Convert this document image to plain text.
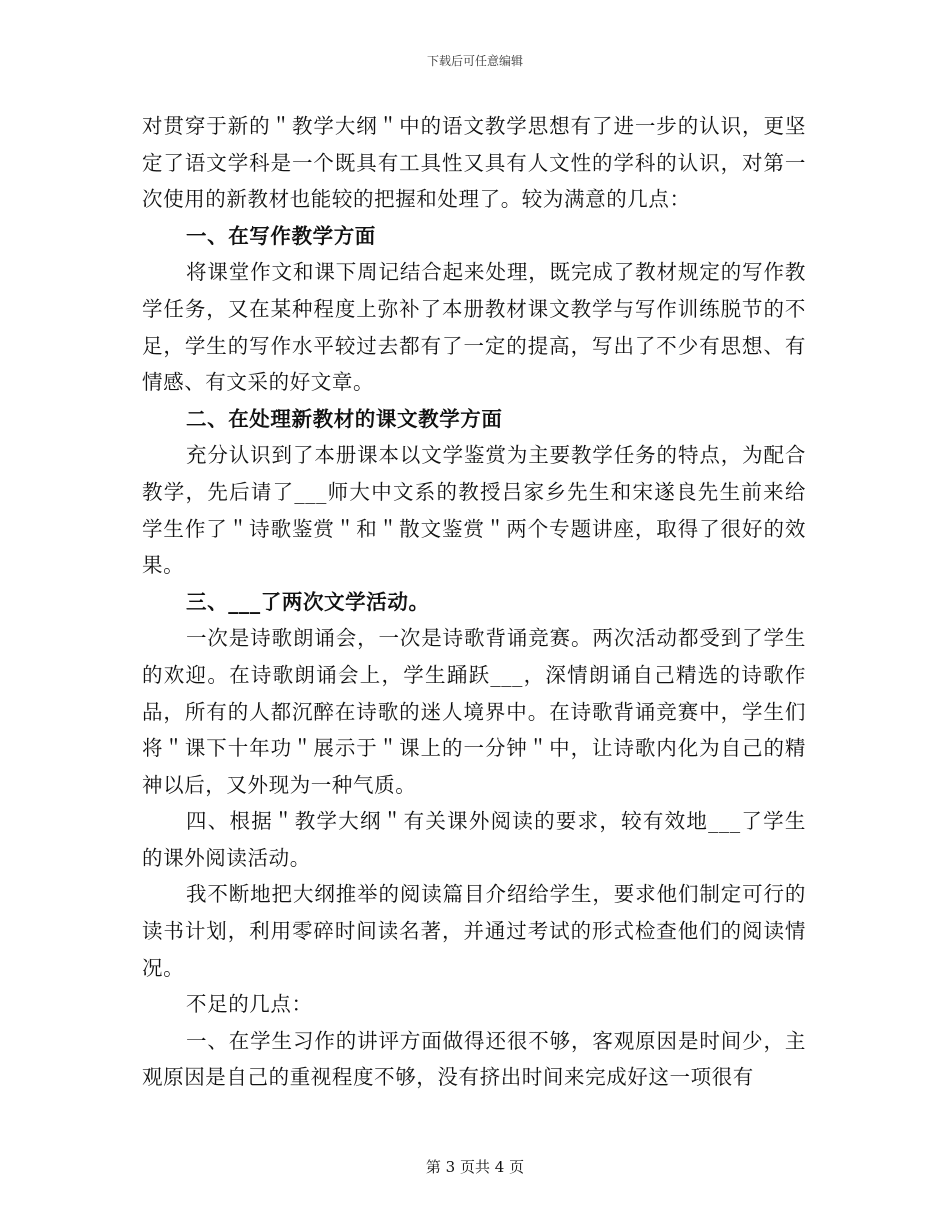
下载后可任意编辑

对贯穿于新的＂教学大纲＂中的语文教学思想有了进一步的认识，更坚定了语文学科是一个既具有工具性又具有人文性的学科的认识，对第一次使用的新教材也能较的把握和处理了。较为满意的几点：

一、在写作教学方面

将课堂作文和课下周记结合起来处理，既完成了教材规定的写作教学任务，又在某种程度上弥补了本册教材课文教学与写作训练脱节的不足，学生的写作水平较过去都有了一定的提高，写出了不少有思想、有情感、有文采的好文章。

二、在处理新教材的课文教学方面

充分认识到了本册课本以文学鉴赏为主要教学任务的特点，为配合教学，先后请了___师大中文系的教授吕家乡先生和宋遂良先生前来给学生作了＂诗歌鉴赏＂和＂散文鉴赏＂两个专题讲座，取得了很好的效果。

三、___了两次文学活动。

一次是诗歌朗诵会，一次是诗歌背诵竞赛。两次活动都受到了学生的欢迎。在诗歌朗诵会上，学生踊跃___，深情朗诵自己精选的诗歌作品，所有的人都沉醉在诗歌的迷人境界中。在诗歌背诵竞赛中，学生们将＂课下十年功＂展示于＂课上的一分钟＂中，让诗歌内化为自己的精神以后，又外现为一种气质。

四、根据＂教学大纲＂有关课外阅读的要求，较有效地___了学生的课外阅读活动。

我不断地把大纲推举的阅读篇目介绍给学生，要求他们制定可行的读书计划，利用零碎时间读名著，并通过考试的形式检查他们的阅读情况。

不足的几点：

一、在学生习作的讲评方面做得还很不够，客观原因是时间少，主观原因是自己的重视程度不够，没有挤出时间来完成好这一项很有

第 3 页共 4 页
